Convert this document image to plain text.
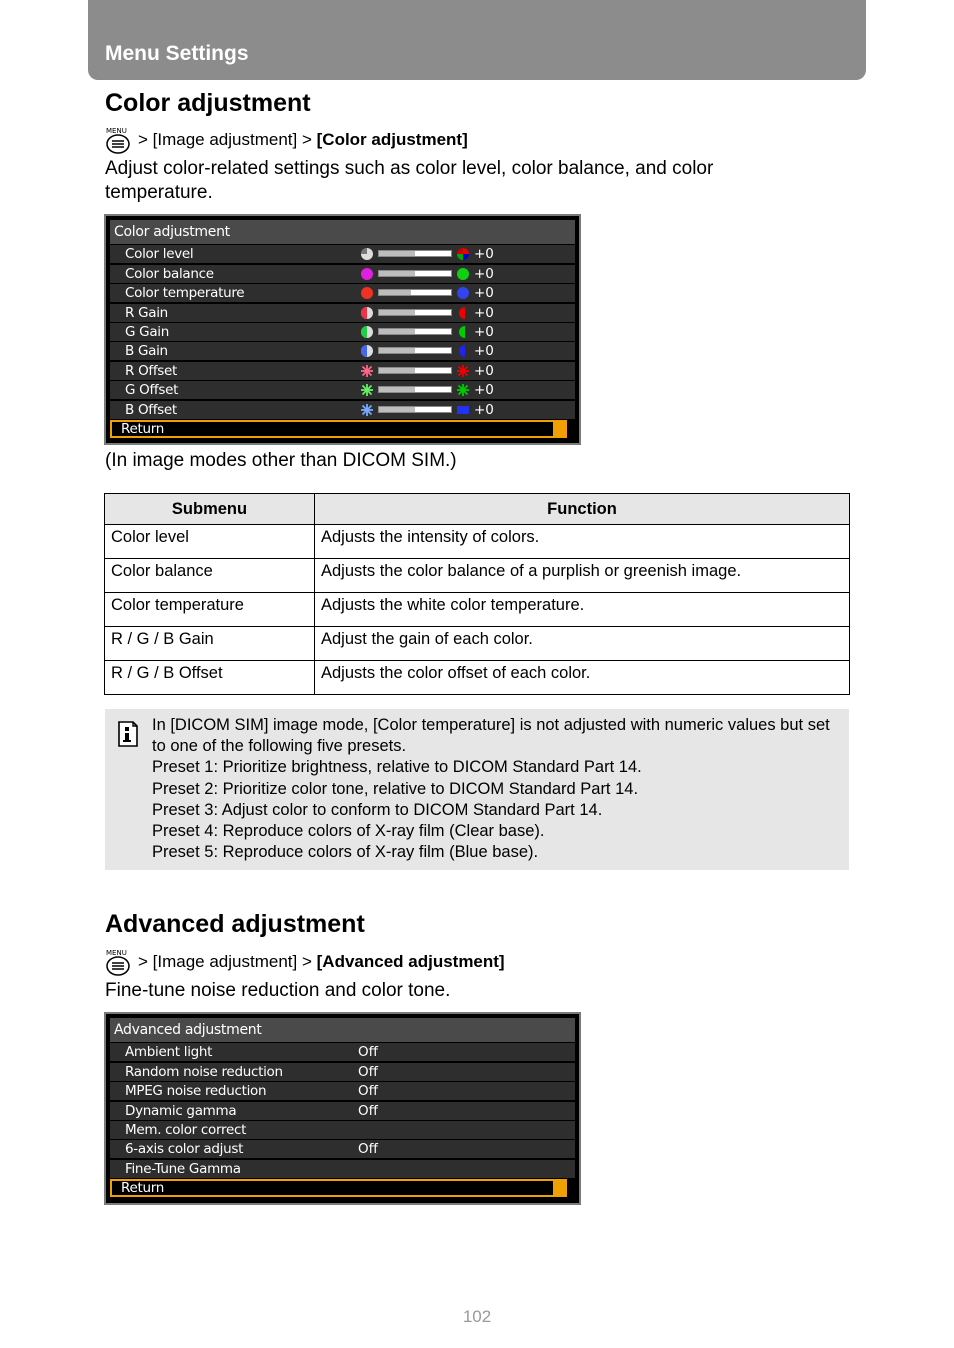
Menu Settings
Color adjustment
MENU > [Image adjustment] >
[Color adjustment]
Adjust color-related settings such as color level, color balance, and color temperature.
Color adjustment
Color level	+0
Color balance	+0
Color temperature	+0
R Gain	+0
G Gain	+0
B Gain	+0
R Offset	+0
G Offset	+0
B Offset	+0
Return
(In image modes other than DICOM SIM.)
Submenu	Function
Color level	Adjusts the intensity of colors.
Color balance	Adjusts the color balance of a purplish or greenish image.
Color temperature	Adjusts the white color temperature.
R / G / B Gain	Adjust the gain of each color.
R / G / B Offset	Adjusts the color offset of each color.
In [DICOM SIM] image mode, [Color temperature] is not adjusted with numeric values but set to one of the following five presets.
Preset 1: Prioritize brightness, relative to DICOM Standard Part 14.
Preset 2: Prioritize color tone, relative to DICOM Standard Part 14.
Preset 3: Adjust color to conform to DICOM Standard Part 14.
Preset 4: Reproduce colors of X-ray film (Clear base).
Preset 5: Reproduce colors of X-ray film (Blue base).
Advanced adjustment
MENU > [Image adjustment] >
[Advanced adjustment]
Fine-tune noise reduction and color tone.
Advanced adjustment
Ambient light	Off
Random noise reduction	Off
MPEG noise reduction	Off
Dynamic gamma	Off
Mem. color correct
6-axis color adjust	Off
Fine-Tune Gamma
Return
102
